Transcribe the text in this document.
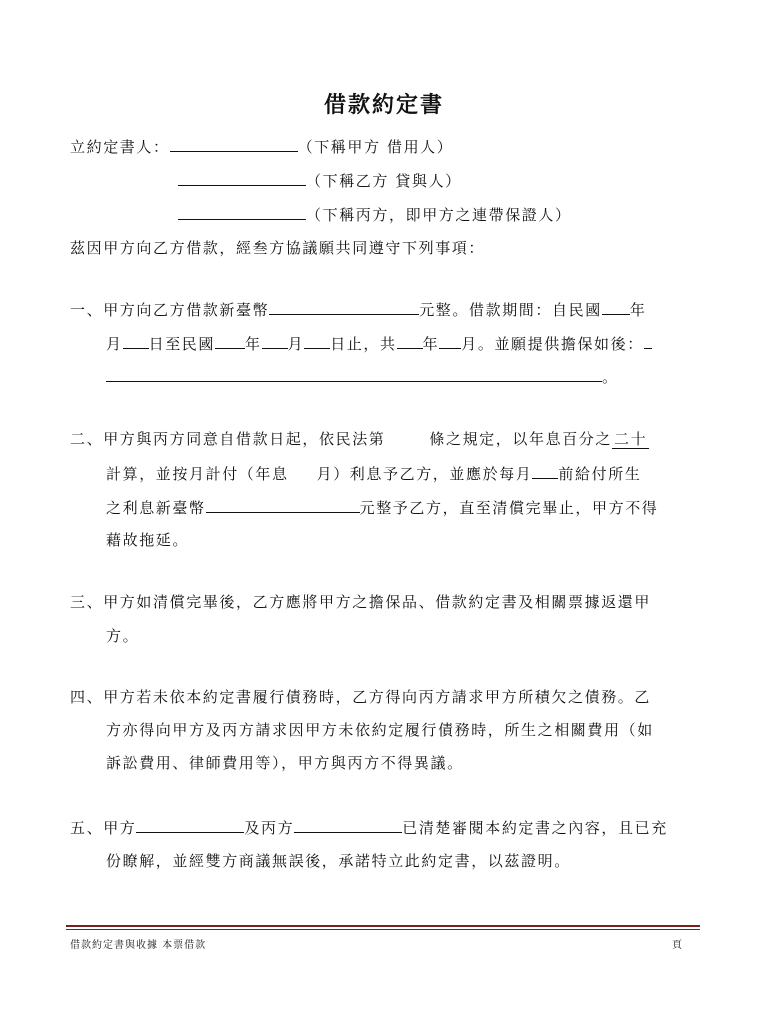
借款約定書
立約定書人：	（下稱甲方 借用人）
（下稱乙方 貸與人）
（下稱丙方，即甲方之連帶保證人）
茲因甲方向乙方借款，經叁方協議願共同遵守下列事項：
一、甲方向乙方借款新臺幣	元整。借款期間：自民國 年
月 日至民國 年 月 日止，共 年 月。並願提供擔保如後：
。
二、甲方與丙方同意自借款日起，依民法第	條之規定，以年息百分之 二十
計算，並按月計付（年息 月）利息予乙方，並應於每月 前給付所生
之利息新臺幣	元整予乙方，直至清償完畢止，甲方不得
藉故拖延。
三、甲方如清償完畢後，乙方應將甲方之擔保品、借款約定書及相關票據返還甲
方。
四、甲方若未依本約定書履行債務時，乙方得向丙方請求甲方所積欠之債務。乙
方亦得向甲方及丙方請求因甲方未依約定履行債務時，所生之相關費用（如
訴訟費用、律師費用等），甲方與丙方不得異議。
五、甲方	及丙方	已清楚審閱本約定書之內容，且已充
份瞭解，並經雙方商議無誤後，承諾特立此約定書，以茲證明。
借款約定書與收據 本票借款	頁
